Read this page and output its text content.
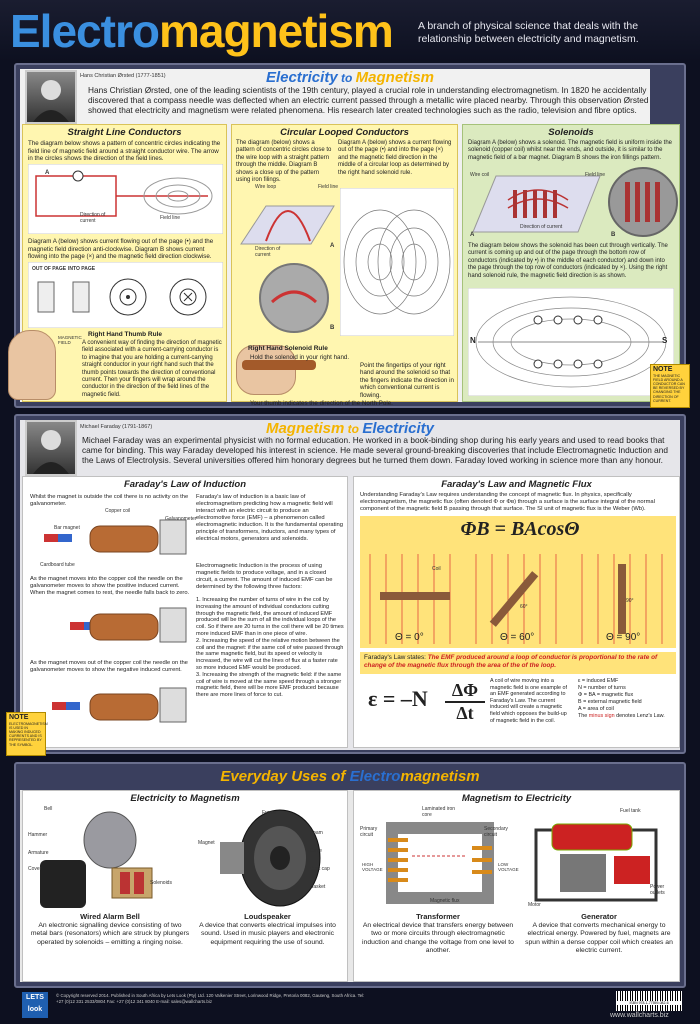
Electromagnetism A branch of physical science that deals with the relationship between electricity and magnetism.
Electricity to Magnetism
Hans Christian Ørsted (1777-1851)
Hans Christian Ørsted, one of the leading scientists of the 19th century, played a crucial role in understanding electromagnetism. In 1820 he accidentally discovered that a compass needle was deflected when an electric current passed through a metallic wire placed nearby. Through this observation Ørsted showed that electricity and magnetism were related phenomena. His research later created technologies such as the radio, television and fibre optics.
Straight Line Conductors
The diagram below shows a pattern of concentric circles indicating the field line of magnetic field around a straight conductor wire. The arrow in the circles shows the direction of the field lines.
A
Direction of current	Field line
Diagram A (below) shows current flowing out of the page (•) and the magnetic field direction anti-clockwise. Diagram B shows current flowing into the page (×) and the magnetic field direction clockwise.
OUT OF PAGE INTO PAGE
MAGNETIC FIELD
Right Hand Thumb Rule
A convenient way of finding the direction of magnetic field associated with a current-carrying conductor is to imagine that you are holding a current-carrying straight conductor in your right hand such that the thumb points towards the direction of conventional current. Then your fingers will wrap around the conductor in the direction of the field lines of the magnetic field.
Circular Looped Conductors
The diagram (below) shows a pattern of concentric circles close to the wire loop with a straight pattern through the middle. Diagram B shows a close up of the pattern using iron filings.
Diagram A (below) shows a current flowing out of the page (•) and into the page (×) and the magnetic field direction in the middle of a circular loop as determined by the right hand solenoid rule.
Wire loop	Field line
Direction of current
A
B
Right Hand Solenoid Rule
Hold the solenoid in your right hand.
Point the fingertips of your right hand around the solenoid so that the fingers indicate the direction in which conventional current is flowing.
Your thumb indicates the direction of the North Pole.
Solenoids
Diagram A (below) shows a solenoid. The magnetic field is uniform inside the solenoid (copper coil) whilst near the ends, and outside, it is similar to the magnetic field of a bar magnet. Diagram B shows the iron fillings pattern.
Wire coil	Field line
Direction of current
A	B
The diagram below shows the solenoid has been cut through vertically. The current is coming up and out of the page through the bottom row of conductors (indicated by •) in the middle of each conductor) and down into the page through the top row of conductors (indicated by ×). Using the right hand solenoid rule, the magnetic field direction is as shown.
N	S
NOTE
THE MAGNETIC FIELD AROUND A CONDUCTOR CAN BE REVERSED BY CHANGING THE DIRECTION OF CURRENT.
Magnetism to Electricity
Michael Faraday (1791-1867)
Michael Faraday was an experimental physicist with no formal education. He worked in a book-binding shop during his early years and used to read books that came for binding. This way Faraday developed his interest in science. He made several ground-breaking discoveries that include Electromagnetic Induction and the Laws of Electrolysis. Several universities offered him honorary degrees but he turned them down. Faraday loved working in science more than any honour.
Faraday's Law of Induction
Whilst the magnet is outside the coil there is no activity on the galvanometer.
Copper coil
Bar magnet
Galvanometer
Cardboard tube
As the magnet moves into the copper coil the needle on the galvanometer moves to show the positive induced current. When the magnet comes to rest, the needle falls back to zero.
As the magnet moves out of the copper coil the needle on the galvanometer moves to show the negative induced current.
Faraday's law of induction is a basic law of electromagnetism predicting how a magnetic field will interact with an electric circuit to produce an electromotive force (EMF) – a phenomenon called electromagnetic induction. It is the fundamental operating principle of transformers, inductors, and many types of electrical motors, generators and solenoids.
Electromagnetic Induction is the process of using magnetic fields to produce voltage, and in a closed circuit, a current. The amount of induced EMF can be determined by the following three factors:
1. Increasing the number of turns of wire in the coil by increasing the amount of individual conductors cutting through the magnetic field, the amount of induced EMF produced will be the sum of all the individual loops of the coil. So if there are 20 turns in the coil there will be 20 times more induced EMF than in one piece of wire.
2. Increasing the speed of the relative motion between the coil and the magnet: if the same coil of wire passed through the same magnetic field, but its speed or velocity is increased, the wire will cut the lines of flux at a faster rate so more induced EMF would be produced.
3. Increasing the strength of the magnetic field: if the same coil of wire is moved at the same speed through a stronger magnetic field, there will be more EMF produced because there are more lines of force to cut.
NOTE
ELECTROMAGNETISM IS USED IN MAKING INDUCED CURRENTS AND IS REPRESENTED BY THE SYMBOL.
Faraday's Law and Magnetic Flux
Understanding Faraday's Law requires understanding the concept of magnetic flux. In physics, specifically electromagnetism, the magnetic flux (often denoted Φ or Φв) through a surface is the surface integral of the normal component of the magnetic field B passing through that surface. The SI unit of magnetic flux is the Weber (Wb).
ΦB = BAcosΘ
Coil
60°
90°
Θ = 0°	Θ = 60°	Θ = 90°
Faraday's Law states: The EMF produced around a loop of conductor is proportional to the rate of change of the magnetic flux through the area of the of the loop.
$\varepsilon = -N \frac{\Delta\Phi}{\Delta t}$ A coil of wire moving into a magnetic field is one example of an EMF generated according to Faraday's Law. The current induced will create a magnetic field which opposes the build-up of magnetic field in the coil.
ε = induced EMF
N = number of turns
Φ = BA = magnetic flux
B = external magnetic field
A = area of coil
The minus sign denotes Lenz's Law.
Everyday Uses of Electromagnetism
Electricity to Magnetism	Magnetism to Electricity
Bell
Hammer
Armature
Cover
Solenoids
Wired Alarm Bell
An electronic signalling device consisting of two metal bars (resonators) which are struck by plungers operated by solenoids – emitting a ringing noise.
Frame
Foam
Magnet
Cone
Dust cap
Basket
Loudspeaker
A device that converts electrical impulses into sound. Used in music players and electronic equipment requiring the use of sound.
Laminated iron core
Primary circuit
Secondary circuit
HIGH VOLTAGE
LOW VOLTAGE
Magnetic flux
Transformer
An electrical device that transfers energy between two or more circuits through electromagnetic induction and change the voltage from one level to another.
Fuel tank
Motor
Power outlets
Generator
A device that converts mechanical energy to electrical energy. Powered by fuel, magnets are spun within a dense copper coil which creates an electric current.
LETS
look
© Copyright reserved 2014. Published in South Africa by Lets Look (Pty) Ltd. 120 Valkenier Street, Lorinwood Ridge, Pretoria 0082, Gauteng, South Africa. Tel: +27 (0)12 331 2533/0804 Fax: +27 (0)12 341 8040 E-mail: sales@wallcharts.biz	ISBN 978-1-77559-082-6
www.wallcharts.biz
